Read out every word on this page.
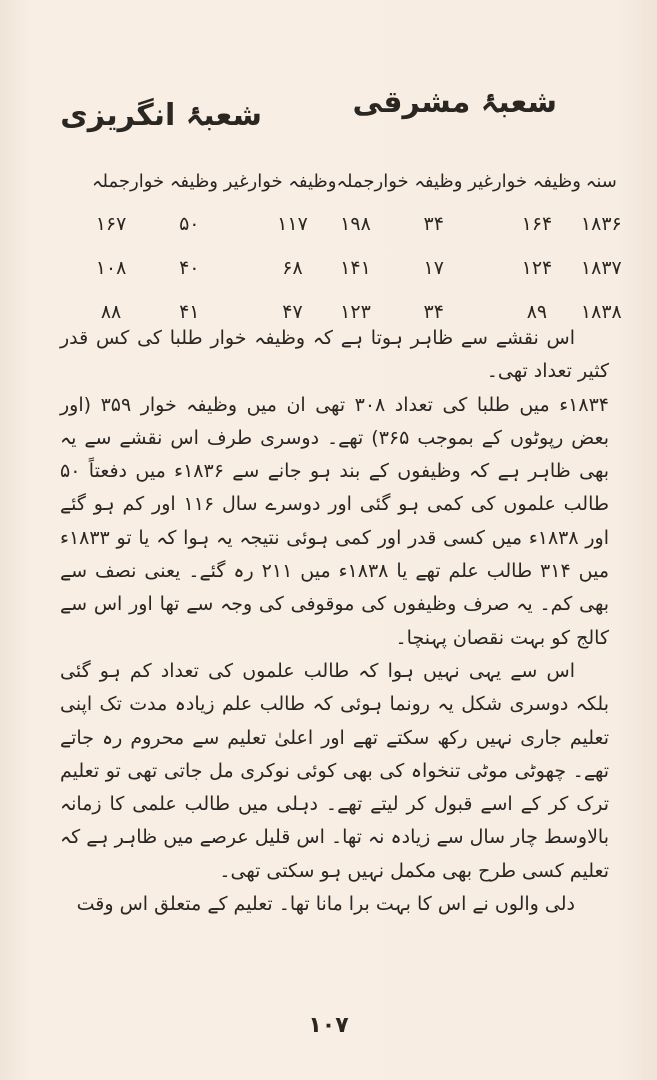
شعبۂ مشرقی
شعبۂ انگریزی
سنہ	وظیفہ خوار	غیر وظیفہ خوار	جملہ	وظیفہ خوار	غیر وظیفہ خوار	جملہ
۱۸۳۶	۱۶۴	۳۴	۱۹۸	۱۱۷	۵۰	۱۶۷
۱۸۳۷	۱۲۴	۱۷	۱۴۱	۶۸	۴۰	۱۰۸
۱۸۳۸	۸۹	۳۴	۱۲۳	۴۷	۴۱	۸۸

اس نقشے سے ظاہر ہوتا ہے کہ وظیفہ خوار طلبا کی کس قدر کثیر تعداد تھی۔

۱۸۳۴ء میں طلبا کی تعداد ۳۰۸ تھی ان میں وظیفہ خوار ۳۵۹ (اور بعض رپوٹوں کے بموجب ۳۶۵) تھے۔ دوسری طرف اس نقشے سے یہ بھی ظاہر ہے کہ وظیفوں کے بند ہو جانے سے ۱۸۳۶ء میں دفعتاً ۵۰ طالب علموں کی کمی ہو گئی اور دوسرے سال ۱۱۶ اور کم ہو گئے اور ۱۸۳۸ء میں کسی قدر اور کمی ہوئی نتیجہ یہ ہوا کہ یا تو ۱۸۳۳ء میں ۳۱۴ طالب علم تھے یا ۱۸۳۸ء میں ۲۱۱ رہ گئے۔ یعنی نصف سے بھی کم۔ یہ صرف وظیفوں کی موقوفی کی وجہ سے تھا اور اس سے کالج کو بہت نقصان پہنچا۔

اس سے یہی نہیں ہوا کہ طالب علموں کی تعداد کم ہو گئی بلکہ دوسری شکل یہ رونما ہوئی کہ طالب علم زیادہ مدت تک اپنی تعلیم جاری نہیں رکھ سکتے تھے اور اعلیٰ تعلیم سے محروم رہ جاتے تھے۔ چھوٹی موٹی تنخواہ کی بھی کوئی نوکری مل جاتی تھی تو تعلیم ترک کر کے اسے قبول کر لیتے تھے۔ دہلی میں طالب علمی کا زمانہ بالاوسط چار سال سے زیادہ نہ تھا۔ اس قلیل عرصے میں ظاہر ہے کہ تعلیم کسی طرح بھی مکمل نہیں ہو سکتی تھی۔

دلی والوں نے اس کا بہت برا مانا تھا۔ تعلیم کے متعلق اس وقت

۱۰۷
